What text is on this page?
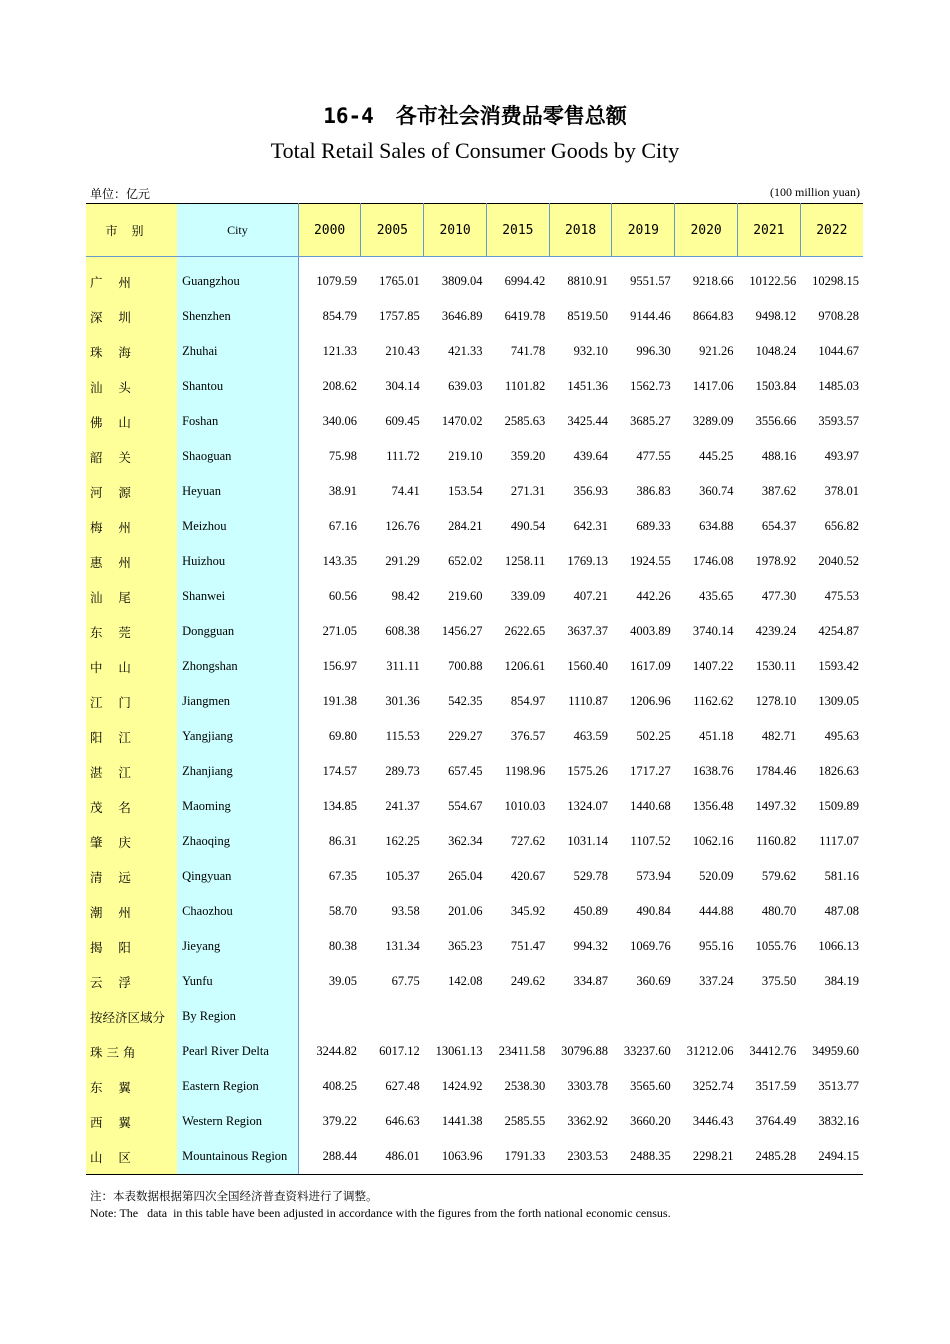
16-4 各市社会消费品零售总额
Total Retail Sales of Consumer Goods by City
单位：亿元	(100 million yuan)
市别	City	2000	2005	2010	2015	2018	2019	2020	2021	2022

广    州	Guangzhou	1079.59	1765.01	3809.04	6994.42	8810.91	9551.57	9218.66	10122.56	10298.15
深    圳	Shenzhen	854.79	1757.85	3646.89	6419.78	8519.50	9144.46	8664.83	9498.12	9708.28
珠    海	Zhuhai	121.33	210.43	421.33	741.78	932.10	996.30	921.26	1048.24	1044.67
汕    头	Shantou	208.62	304.14	639.03	1101.82	1451.36	1562.73	1417.06	1503.84	1485.03
佛    山	Foshan	340.06	609.45	1470.02	2585.63	3425.44	3685.27	3289.09	3556.66	3593.57
韶    关	Shaoguan	75.98	111.72	219.10	359.20	439.64	477.55	445.25	488.16	493.97
河    源	Heyuan	38.91	74.41	153.54	271.31	356.93	386.83	360.74	387.62	378.01
梅    州	Meizhou	67.16	126.76	284.21	490.54	642.31	689.33	634.88	654.37	656.82
惠    州	Huizhou	143.35	291.29	652.02	1258.11	1769.13	1924.55	1746.08	1978.92	2040.52
汕    尾	Shanwei	60.56	98.42	219.60	339.09	407.21	442.26	435.65	477.30	475.53
东    莞	Dongguan	271.05	608.38	1456.27	2622.65	3637.37	4003.89	3740.14	4239.24	4254.87
中    山	Zhongshan	156.97	311.11	700.88	1206.61	1560.40	1617.09	1407.22	1530.11	1593.42
江    门	Jiangmen	191.38	301.36	542.35	854.97	1110.87	1206.96	1162.62	1278.10	1309.05
阳    江	Yangjiang	69.80	115.53	229.27	376.57	463.59	502.25	451.18	482.71	495.63
湛    江	Zhanjiang	174.57	289.73	657.45	1198.96	1575.26	1717.27	1638.76	1784.46	1826.63
茂    名	Maoming	134.85	241.37	554.67	1010.03	1324.07	1440.68	1356.48	1497.32	1509.89
肇    庆	Zhaoqing	86.31	162.25	362.34	727.62	1031.14	1107.52	1062.16	1160.82	1117.07
清    远	Qingyuan	67.35	105.37	265.04	420.67	529.78	573.94	520.09	579.62	581.16
潮    州	Chaozhou	58.70	93.58	201.06	345.92	450.89	490.84	444.88	480.70	487.08
揭    阳	Jieyang	80.38	131.34	365.23	751.47	994.32	1069.76	955.16	1055.76	1066.13
云    浮	Yunfu	39.05	67.75	142.08	249.62	334.87	360.69	337.24	375.50	384.19
按经济区域分	By Region									
珠 三 角	Pearl River Delta	3244.82	6017.12	13061.13	23411.58	30796.88	33237.60	31212.06	34412.76	34959.60
东    翼	Eastern Region	408.25	627.48	1424.92	2538.30	3303.78	3565.60	3252.74	3517.59	3513.77
西    翼	Western Region	379.22	646.63	1441.38	2585.55	3362.92	3660.20	3446.43	3764.49	3832.16
山    区	Mountainous Region	288.44	486.01	1063.96	1791.33	2303.53	2488.35	2298.21	2485.28	2494.15
注：本表数据根据第四次全国经济普查资料进行了调整。
Note: The   data  in this table have been adjusted in accordance with the figures from the forth national economic census.
